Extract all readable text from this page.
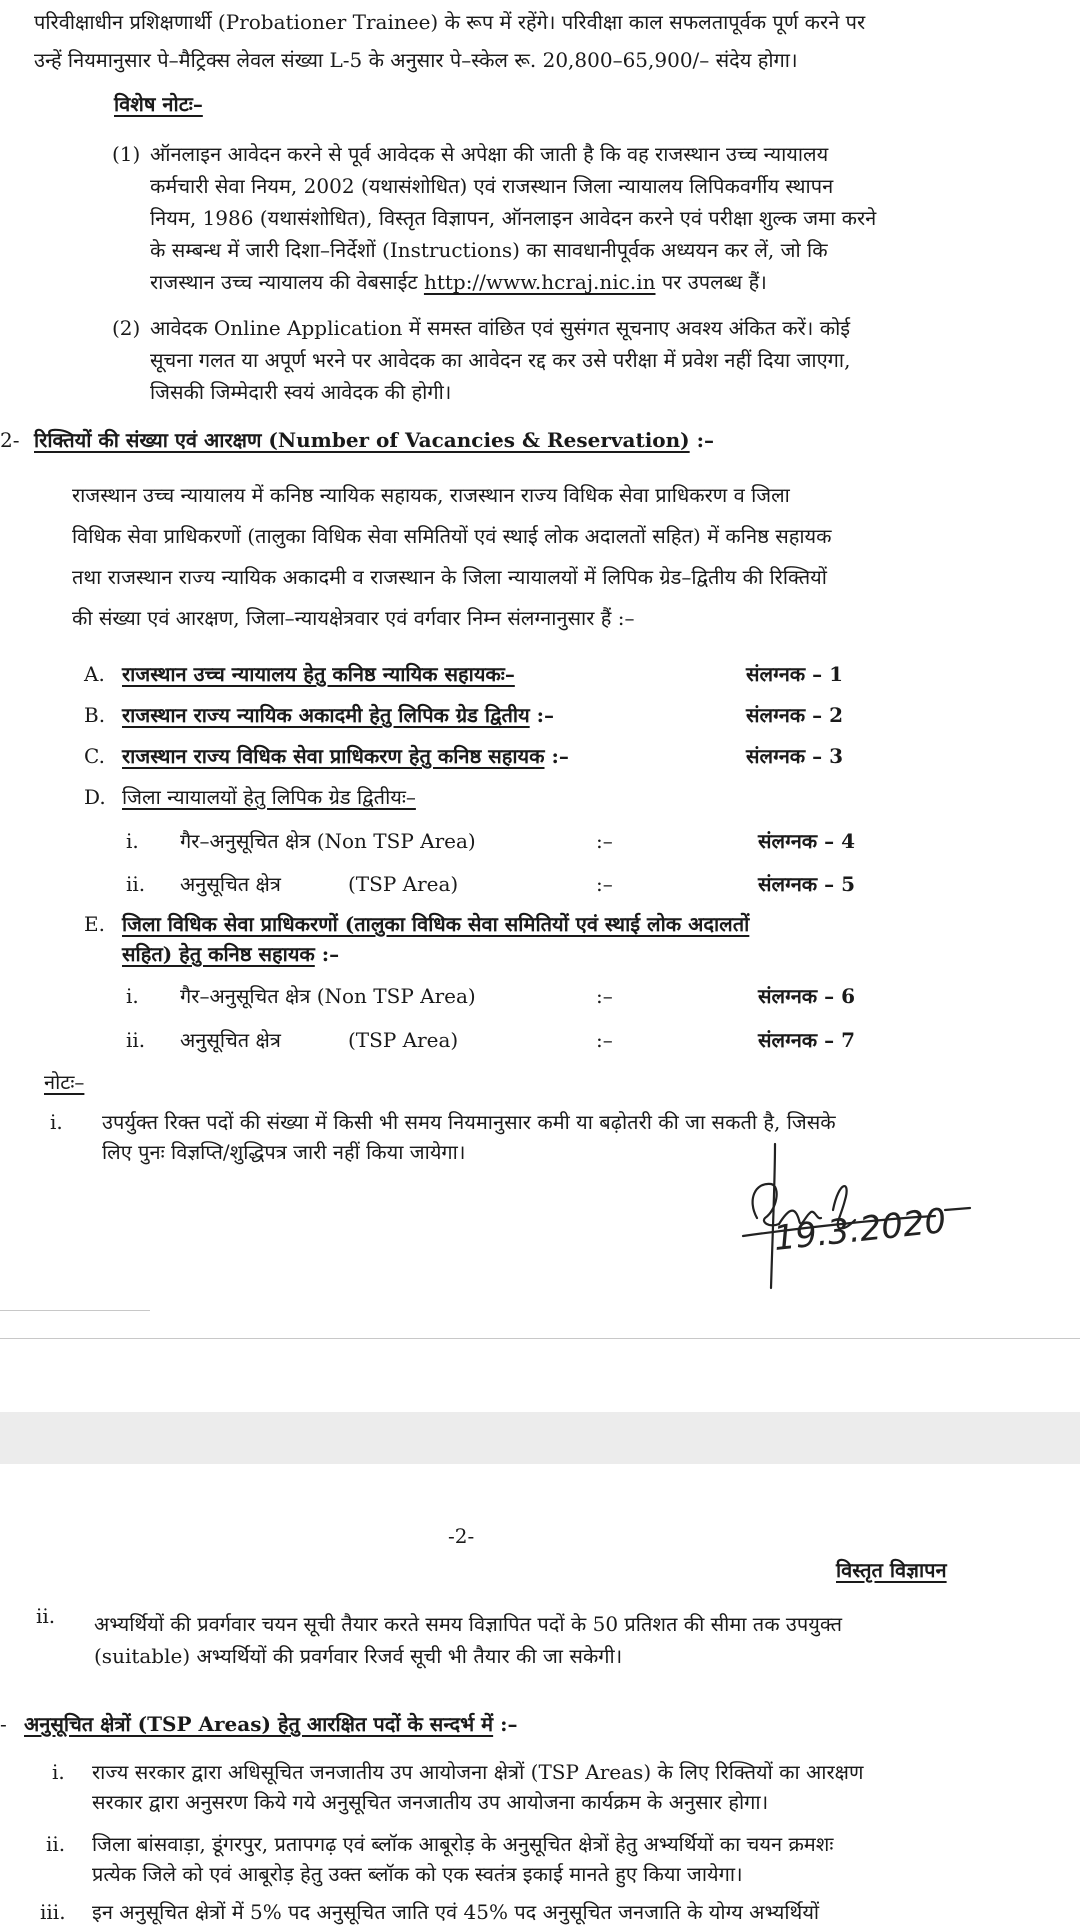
परिवीक्षाधीन प्रशिक्षणार्थी (Probationer Trainee) के रूप में रहेंगे। परिवीक्षा काल सफलतापूर्वक पूर्ण करने पर
उन्हें नियमानुसार पे–मैट्रिक्स लेवल संख्या L-5 के अनुसार पे–स्केल रू. 20,800–65,900/– संदेय होगा।
विशेष नोटः–
(1) ऑनलाइन आवेदन करने से पूर्व आवेदक से अपेक्षा की जाती है कि वह राजस्थान उच्च न्यायालय
कर्मचारी सेवा नियम, 2002 (यथासंशोधित) एवं राजस्थान जिला न्यायालय लिपिकवर्गीय स्थापन
नियम, 1986 (यथासंशोधित), विस्तृत विज्ञापन, ऑनलाइन आवेदन करने एवं परीक्षा शुल्क जमा करने
के सम्बन्ध में जारी दिशा–निर्देशों (Instructions) का सावधानीपूर्वक अध्ययन कर लें, जो कि
राजस्थान उच्च न्यायालय की वेबसाईट http://www.hcraj.nic.in पर उपलब्ध हैं।
(2) आवेदक Online Application में समस्त वांछित एवं सुसंगत सूचनाए अवश्य अंकित करें। कोई
सूचना गलत या अपूर्ण भरने पर आवेदक का आवेदन रद्द कर उसे परीक्षा में प्रवेश नहीं दिया जाएगा,
जिसकी जिम्मेदारी स्वयं आवेदक की होगी।
2- रिक्तियों की संख्या एवं आरक्षण (Number of Vacancies & Reservation) :–
राजस्थान उच्च न्यायालय में कनिष्ठ न्यायिक सहायक, राजस्थान राज्य विधिक सेवा प्राधिकरण व जिला
विधिक सेवा प्राधिकरणों (तालुका विधिक सेवा समितियों एवं स्थाई लोक अदालतों सहित) में कनिष्ठ सहायक
तथा राजस्थान राज्य न्यायिक अकादमी व राजस्थान के जिला न्यायालयों में लिपिक ग्रेड–द्वितीय की रिक्तियों
की संख्या एवं आरक्षण, जिला–न्यायक्षेत्रवार एवं वर्गवार निम्न संलग्नानुसार हैं :–
A. राजस्थान उच्च न्यायालय हेतु कनिष्ठ न्यायिक सहायकः–	संलग्नक – 1
B. राजस्थान राज्य न्यायिक अकादमी हेतु लिपिक ग्रेड द्वितीय :–	संलग्नक – 2
C. राजस्थान राज्य विधिक सेवा प्राधिकरण हेतु कनिष्ठ सहायक :–	संलग्नक – 3
D. जिला न्यायालयों हेतु लिपिक ग्रेड द्वितीयः–
i. गैर–अनुसूचित क्षेत्र (Non TSP Area)	:–	संलग्नक – 4
ii. अनुसूचित क्षेत्र	(TSP Area)	:–	संलग्नक – 5
E. जिला विधिक सेवा प्राधिकरणों (तालुका विधिक सेवा समितियों एवं स्थाई लोक अदालतों
सहित) हेतु कनिष्ठ सहायक :–
i. गैर–अनुसूचित क्षेत्र (Non TSP Area)	:–	संलग्नक – 6
ii. अनुसूचित क्षेत्र	(TSP Area)	:–	संलग्नक – 7
नोटः–
i. उपर्युक्त रिक्त पदों की संख्या में किसी भी समय नियमानुसार कमी या बढ़ोतरी की जा सकती है, जिसके
लिए पुनः विज्ञप्ति/शुद्धिपत्र जारी नहीं किया जायेगा।
19.3.2020
-2-
विस्तृत विज्ञापन
ii. अभ्यर्थियों की प्रवर्गवार चयन सूची तैयार करते समय विज्ञापित पदों के 50 प्रतिशत की सीमा तक उपयुक्त
(suitable) अभ्यर्थियों की प्रवर्गवार रिजर्व सूची भी तैयार की जा सकेगी।
- अनुसूचित क्षेत्रों (TSP Areas) हेतु आरक्षित पदों के सन्दर्भ में :–
i. राज्य सरकार द्वारा अधिसूचित जनजातीय उप आयोजना क्षेत्रों (TSP Areas) के लिए रिक्तियों का आरक्षण
सरकार द्वारा अनुसरण किये गये अनुसूचित जनजातीय उप आयोजना कार्यक्रम के अनुसार होगा।
ii. जिला बांसवाड़ा, डूंगरपुर, प्रतापगढ़ एवं ब्लॉक आबूरोड़ के अनुसूचित क्षेत्रों हेतु अभ्यर्थियों का चयन क्रमशः
प्रत्येक जिले को एवं आबूरोड़ हेतु उक्त ब्लॉक को एक स्वतंत्र इकाई मानते हुए किया जायेगा।
iii. इन अनुसूचित क्षेत्रों में 5% पद अनुसूचित जाति एवं 45% पद अनुसूचित जनजाति के योग्य अभ्यर्थियों
